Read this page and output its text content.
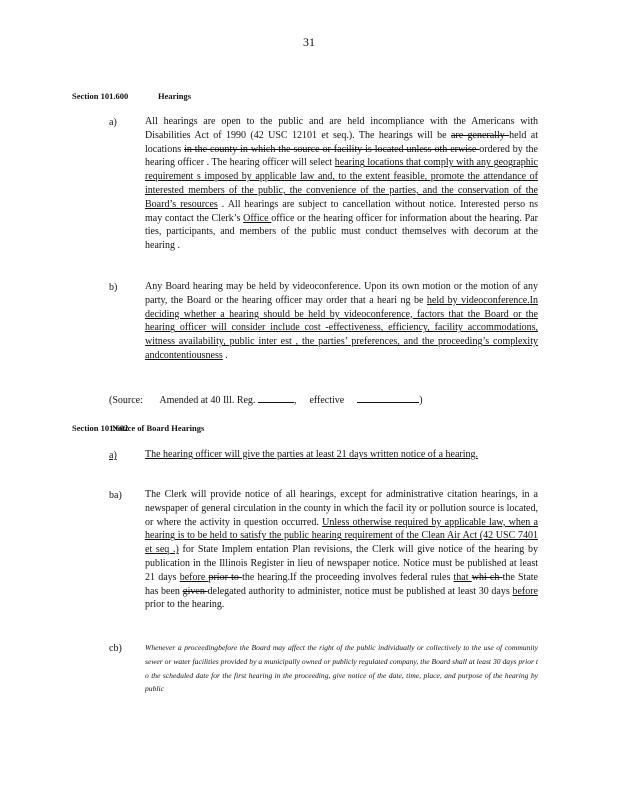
31
Section 101.600	Hearings
a)	All hearings are open to the public and are held incompliance with the Americans with Disabilities Act of 1990 (42 USC 12101 et seq.). The hearings will be are generally held at locations in the county in which the source or facility is located unless oth erwise ordered by the hearing officer . The hearing officer will select hearing locations that comply with any geographic requirement s imposed by applicable law and, to the extent feasible, promote the attendance of interested members of the public, the convenience of the parties, and the conservation of the Board’s resources . All hearings are subject to cancellation without notice. Interested perso ns may contact the Clerk’s Office office or the hearing officer for information about the hearing. Par ties, participants, and members of the public must conduct themselves with decorum at the hearing .

b)	Any Board hearing may be held by videoconference. Upon its own motion or the motion of any party, the Board or the hearing officer may order that a heari ng be held by videoconference.In deciding whether a hearing should be held by videoconference, factors that the Board or the hearing officer will consider include cost -effectiveness, efficiency, facility accommodations, witness availability, public inter est , the parties’ preferences, and the proceeding’s complexity andcontentiousness .

(Source: Amended at 40 Ill. Reg.	, effective	)
Section 101.602
Notice of Board Hearings
a)	The hearing officer will give the parties at least 21 days written notice of a hearing.

ba) The Clerk will provide notice of all hearings, except for administrative citation hearings, in a newspaper of general circulation in the county in which the facil ity or pollution source is located, or where the activity in question occurred. Unless otherwise required by applicable law, when a hearing is to be held to satisfy the public hearing requirement of the Clean Air Act (42 USC 7401 et seq .) for State Implem entation Plan revisions, the Clerk will give notice of the hearing by publication in the Illinois Register in lieu of newspaper notice. Notice must be published at least 21 days before prior to the hearing.If the proceeding involves federal rules that whi ch the State has been given delegated authority to administer, notice must be published at least 30 days before prior to the hearing.

cb)	Whenever a proceedingbefore the Board may affect the right of the public individually or collectively to the use of community sewer or water facilities provided by a municipally owned or publicly regulated company, the Board shall at least 30 days prior t o the scheduled date for the first hearing in the proceeding, give notice of the date, time, place, and purpose of the hearing by public
